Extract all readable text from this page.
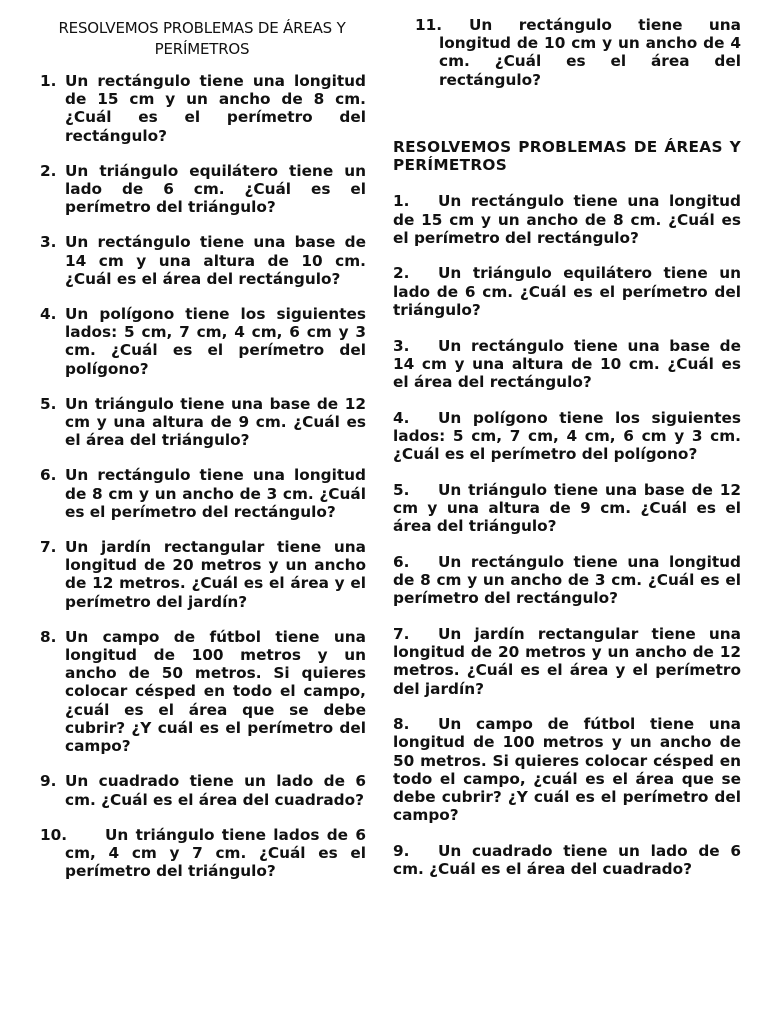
RESOLVEMOS PROBLEMAS DE ÁREAS Y PERÍMETROS
1. Un rectángulo tiene una longitud de 15 cm y un ancho de 8 cm. ¿Cuál es el perímetro del rectángulo?
2. Un triángulo equilátero tiene un lado de 6 cm. ¿Cuál es el perímetro del triángulo?
3. Un rectángulo tiene una base de 14 cm y una altura de 10 cm. ¿Cuál es el área del rectángulo?
4. Un polígono tiene los siguientes lados: 5 cm, 7 cm, 4 cm, 6 cm y 3 cm. ¿Cuál es el perímetro del polígono?
5. Un triángulo tiene una base de 12 cm y una altura de 9 cm. ¿Cuál es el área del triángulo?
6. Un rectángulo tiene una longitud de 8 cm y un ancho de 3 cm. ¿Cuál es el perímetro del rectángulo?
7. Un jardín rectangular tiene una longitud de 20 metros y un ancho de 12 metros. ¿Cuál es el área y el perímetro del jardín?
8. Un campo de fútbol tiene una longitud de 100 metros y un ancho de 50 metros. Si quieres colocar césped en todo el campo, ¿cuál es el área que se debe cubrir? ¿Y cuál es el perímetro del campo?
9. Un cuadrado tiene un lado de 6 cm. ¿Cuál es el área del cuadrado?
10. Un triángulo tiene lados de 6 cm, 4 cm y 7 cm. ¿Cuál es el perímetro del triángulo?
11. Un rectángulo tiene una longitud de 10 cm y un ancho de 4 cm. ¿Cuál es el área del rectángulo?
RESOLVEMOS PROBLEMAS DE ÁREAS Y PERÍMETROS
1. Un rectángulo tiene una longitud de 15 cm y un ancho de 8 cm. ¿Cuál es el perímetro del rectángulo?
2. Un triángulo equilátero tiene un lado de 6 cm. ¿Cuál es el perímetro del triángulo?
3. Un rectángulo tiene una base de 14 cm y una altura de 10 cm. ¿Cuál es el área del rectángulo?
4. Un polígono tiene los siguientes lados: 5 cm, 7 cm, 4 cm, 6 cm y 3 cm. ¿Cuál es el perímetro del polígono?
5. Un triángulo tiene una base de 12 cm y una altura de 9 cm. ¿Cuál es el área del triángulo?
6. Un rectángulo tiene una longitud de 8 cm y un ancho de 3 cm. ¿Cuál es el perímetro del rectángulo?
7. Un jardín rectangular tiene una longitud de 20 metros y un ancho de 12 metros. ¿Cuál es el área y el perímetro del jardín?
8. Un campo de fútbol tiene una longitud de 100 metros y un ancho de 50 metros. Si quieres colocar césped en todo el campo, ¿cuál es el área que se debe cubrir? ¿Y cuál es el perímetro del campo?
9. Un cuadrado tiene un lado de 6 cm. ¿Cuál es el área del cuadrado?
